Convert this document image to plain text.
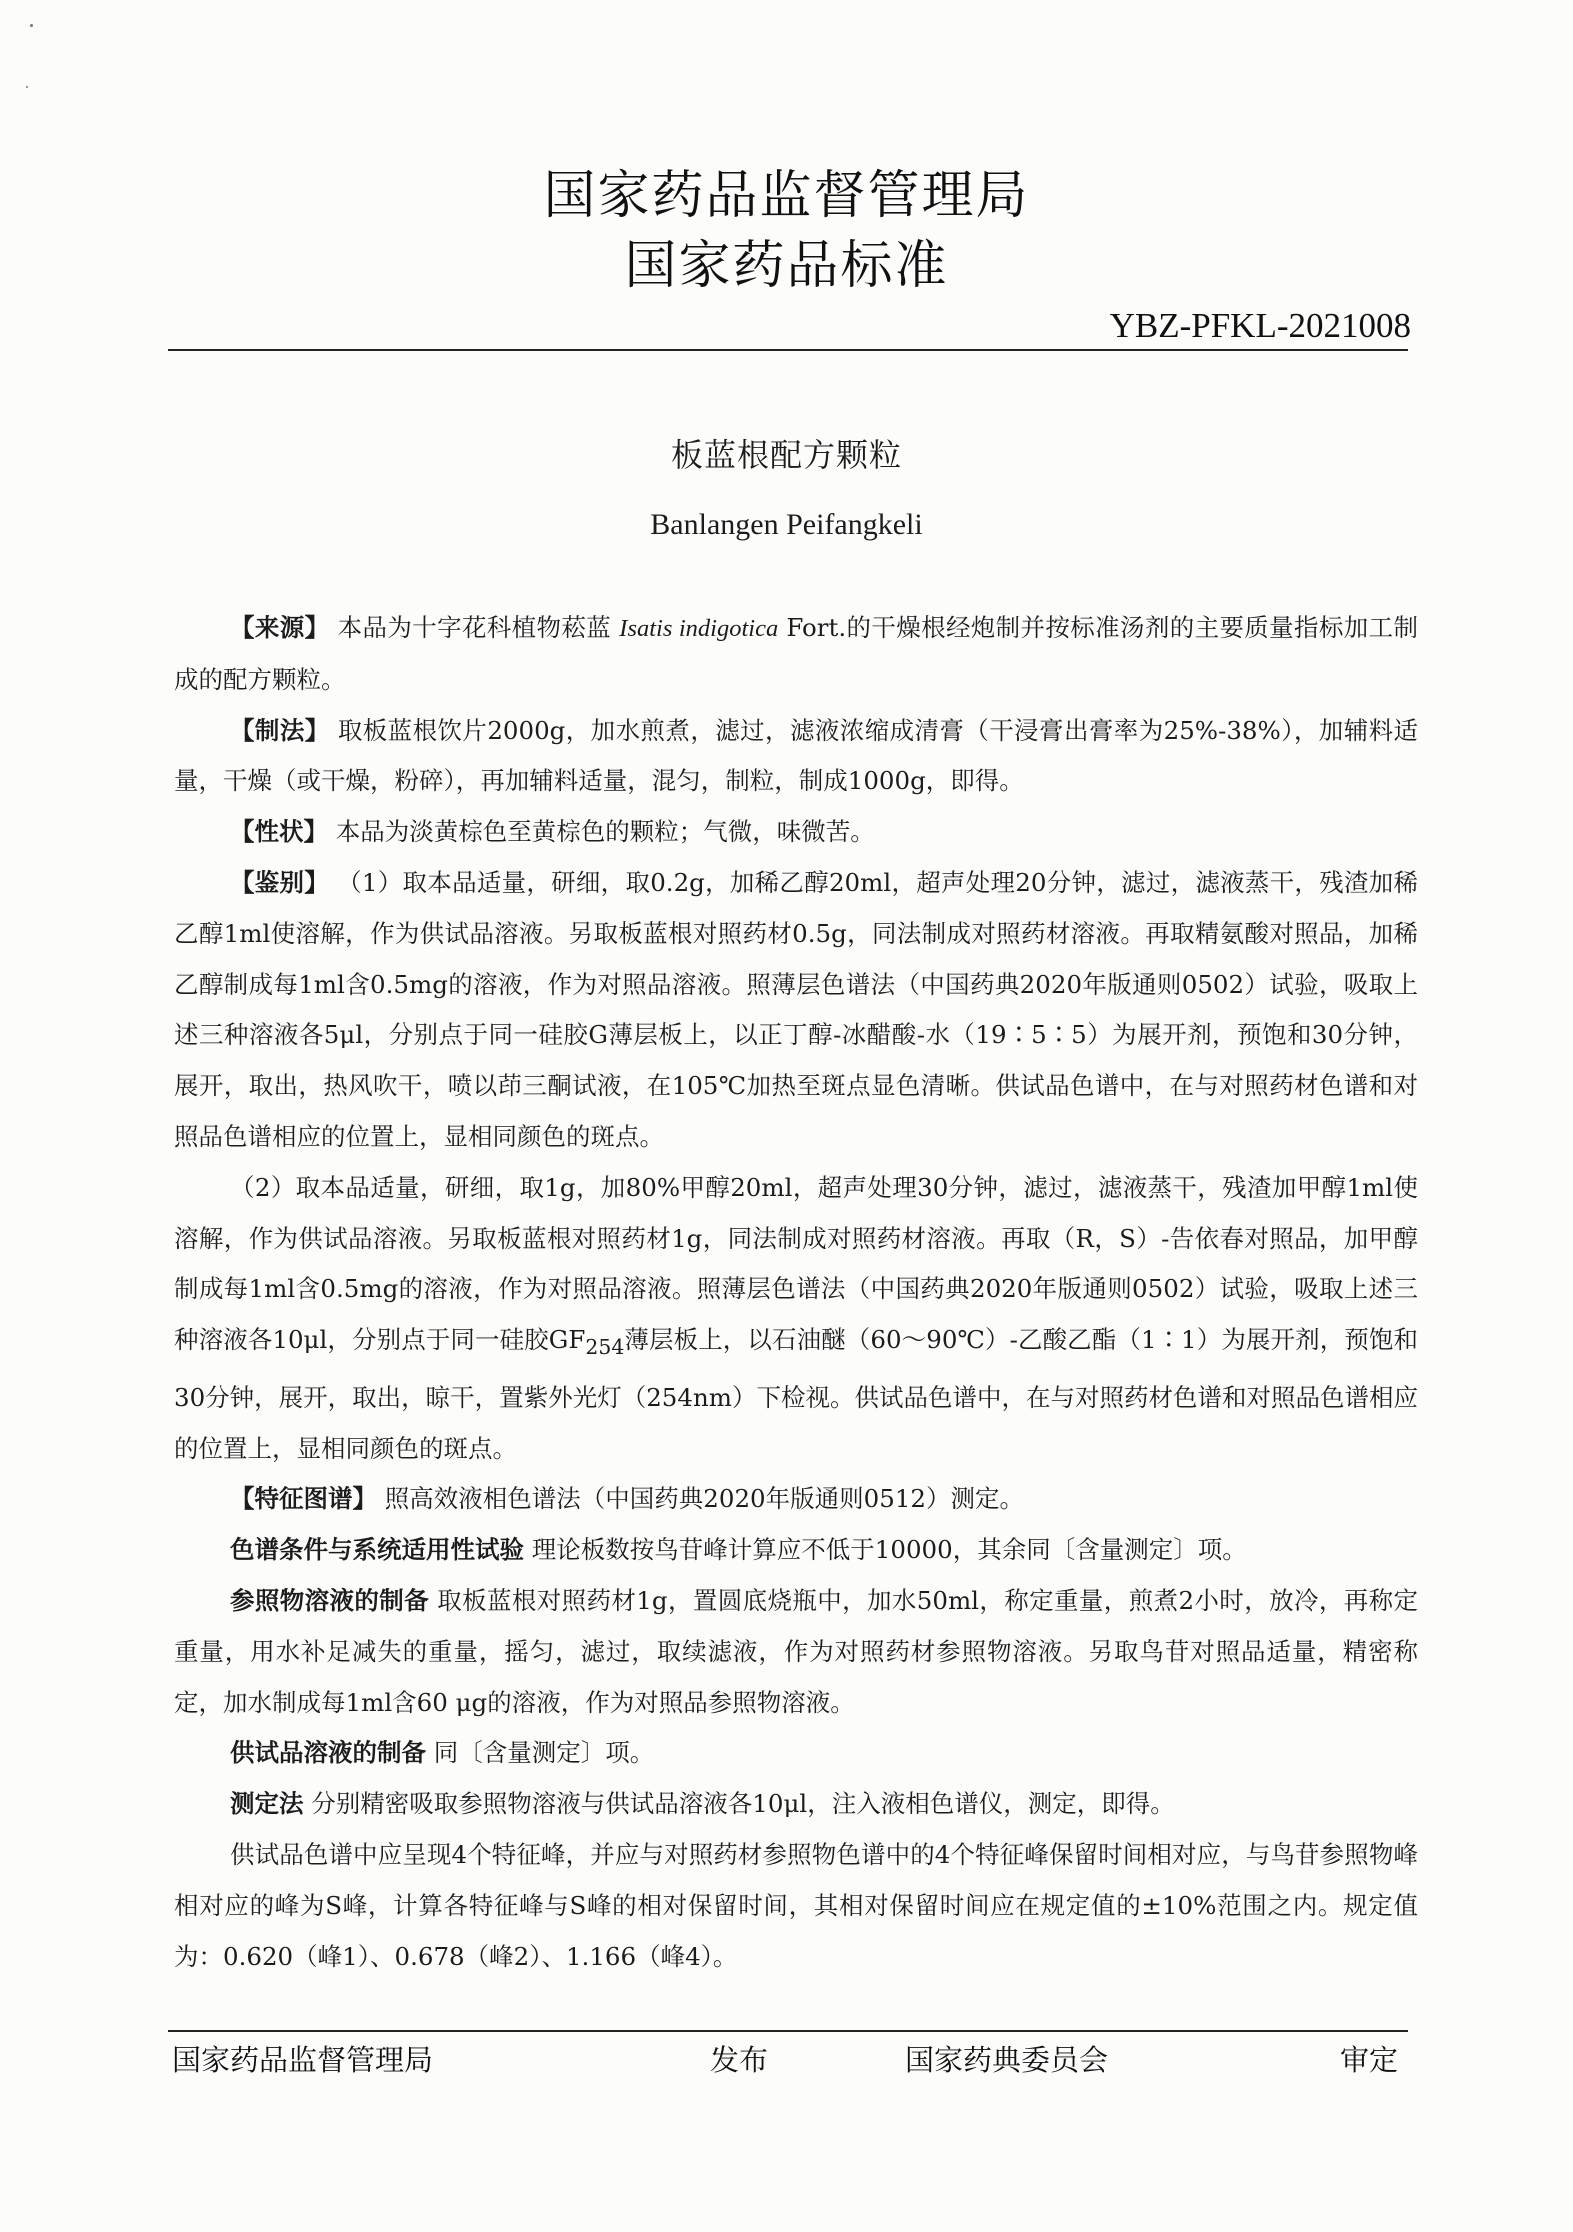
国家药品监督管理局
国家药品标准
YBZ-PFKL-2021008
板蓝根配方颗粒
Banlangen Peifangkeli

【来源】 本品为十字花科植物菘蓝 Isatis indigotica Fort.的干燥根经炮制并按标准汤剂的主要质量指标加工制成的配方颗粒。

【制法】 取板蓝根饮片2000g，加水煎煮，滤过，滤液浓缩成清膏（干浸膏出膏率为25%-38%），加辅料适量，干燥（或干燥，粉碎），再加辅料适量，混匀，制粒，制成1000g，即得。

【性状】 本品为淡黄棕色至黄棕色的颗粒；气微，味微苦。

【鉴别】 （1）取本品适量，研细，取0.2g，加稀乙醇20ml，超声处理20分钟，滤过，滤液蒸干，残渣加稀乙醇1ml使溶解，作为供试品溶液。另取板蓝根对照药材0.5g，同法制成对照药材溶液。再取精氨酸对照品，加稀乙醇制成每1ml含0.5mg的溶液，作为对照品溶液。照薄层色谱法（中国药典2020年版通则0502）试验，吸取上述三种溶液各5μl，分别点于同一硅胶G薄层板上，以正丁醇-冰醋酸-水（19∶5∶5）为展开剂，预饱和30分钟，展开，取出，热风吹干，喷以茚三酮试液，在105℃加热至斑点显色清晰。供试品色谱中，在与对照药材色谱和对照品色谱相应的位置上，显相同颜色的斑点。

（2）取本品适量，研细，取1g，加80%甲醇20ml，超声处理30分钟，滤过，滤液蒸干，残渣加甲醇1ml使溶解，作为供试品溶液。另取板蓝根对照药材1g，同法制成对照药材溶液。再取（R，S）-告依春对照品，加甲醇制成每1ml含0.5mg的溶液，作为对照品溶液。照薄层色谱法（中国药典2020年版通则0502）试验，吸取上述三种溶液各10μl，分别点于同一硅胶$GF_{254}$薄层板上，以石油醚（60～90℃）-乙酸乙酯（1∶1）为展开剂，预饱和30分钟，展开，取出，晾干，置紫外光灯（254nm）下检视。供试品色谱中，在与对照药材色谱和对照品色谱相应的位置上，显相同颜色的斑点。

【特征图谱】 照高效液相色谱法（中国药典2020年版通则0512）测定。

色谱条件与系统适用性试验 理论板数按鸟苷峰计算应不低于10000，其余同〔含量测定〕项。

参照物溶液的制备 取板蓝根对照药材1g，置圆底烧瓶中，加水50ml，称定重量，煎煮2小时，放冷，再称定重量，用水补足减失的重量，摇匀，滤过，取续滤液，作为对照药材参照物溶液。另取鸟苷对照品适量，精密称定，加水制成每1ml含60 μg的溶液，作为对照品参照物溶液。

供试品溶液的制备 同〔含量测定〕项。

测定法 分别精密吸取参照物溶液与供试品溶液各10μl，注入液相色谱仪，测定，即得。

供试品色谱中应呈现4个特征峰，并应与对照药材参照物色谱中的4个特征峰保留时间相对应，与鸟苷参照物峰相对应的峰为S峰，计算各特征峰与S峰的相对保留时间，其相对保留时间应在规定值的±10%范围之内。规定值为：0.620（峰1）、0.678（峰2）、1.166（峰4）。

国家药品监督管理局	发布	国家药典委员会	审定
